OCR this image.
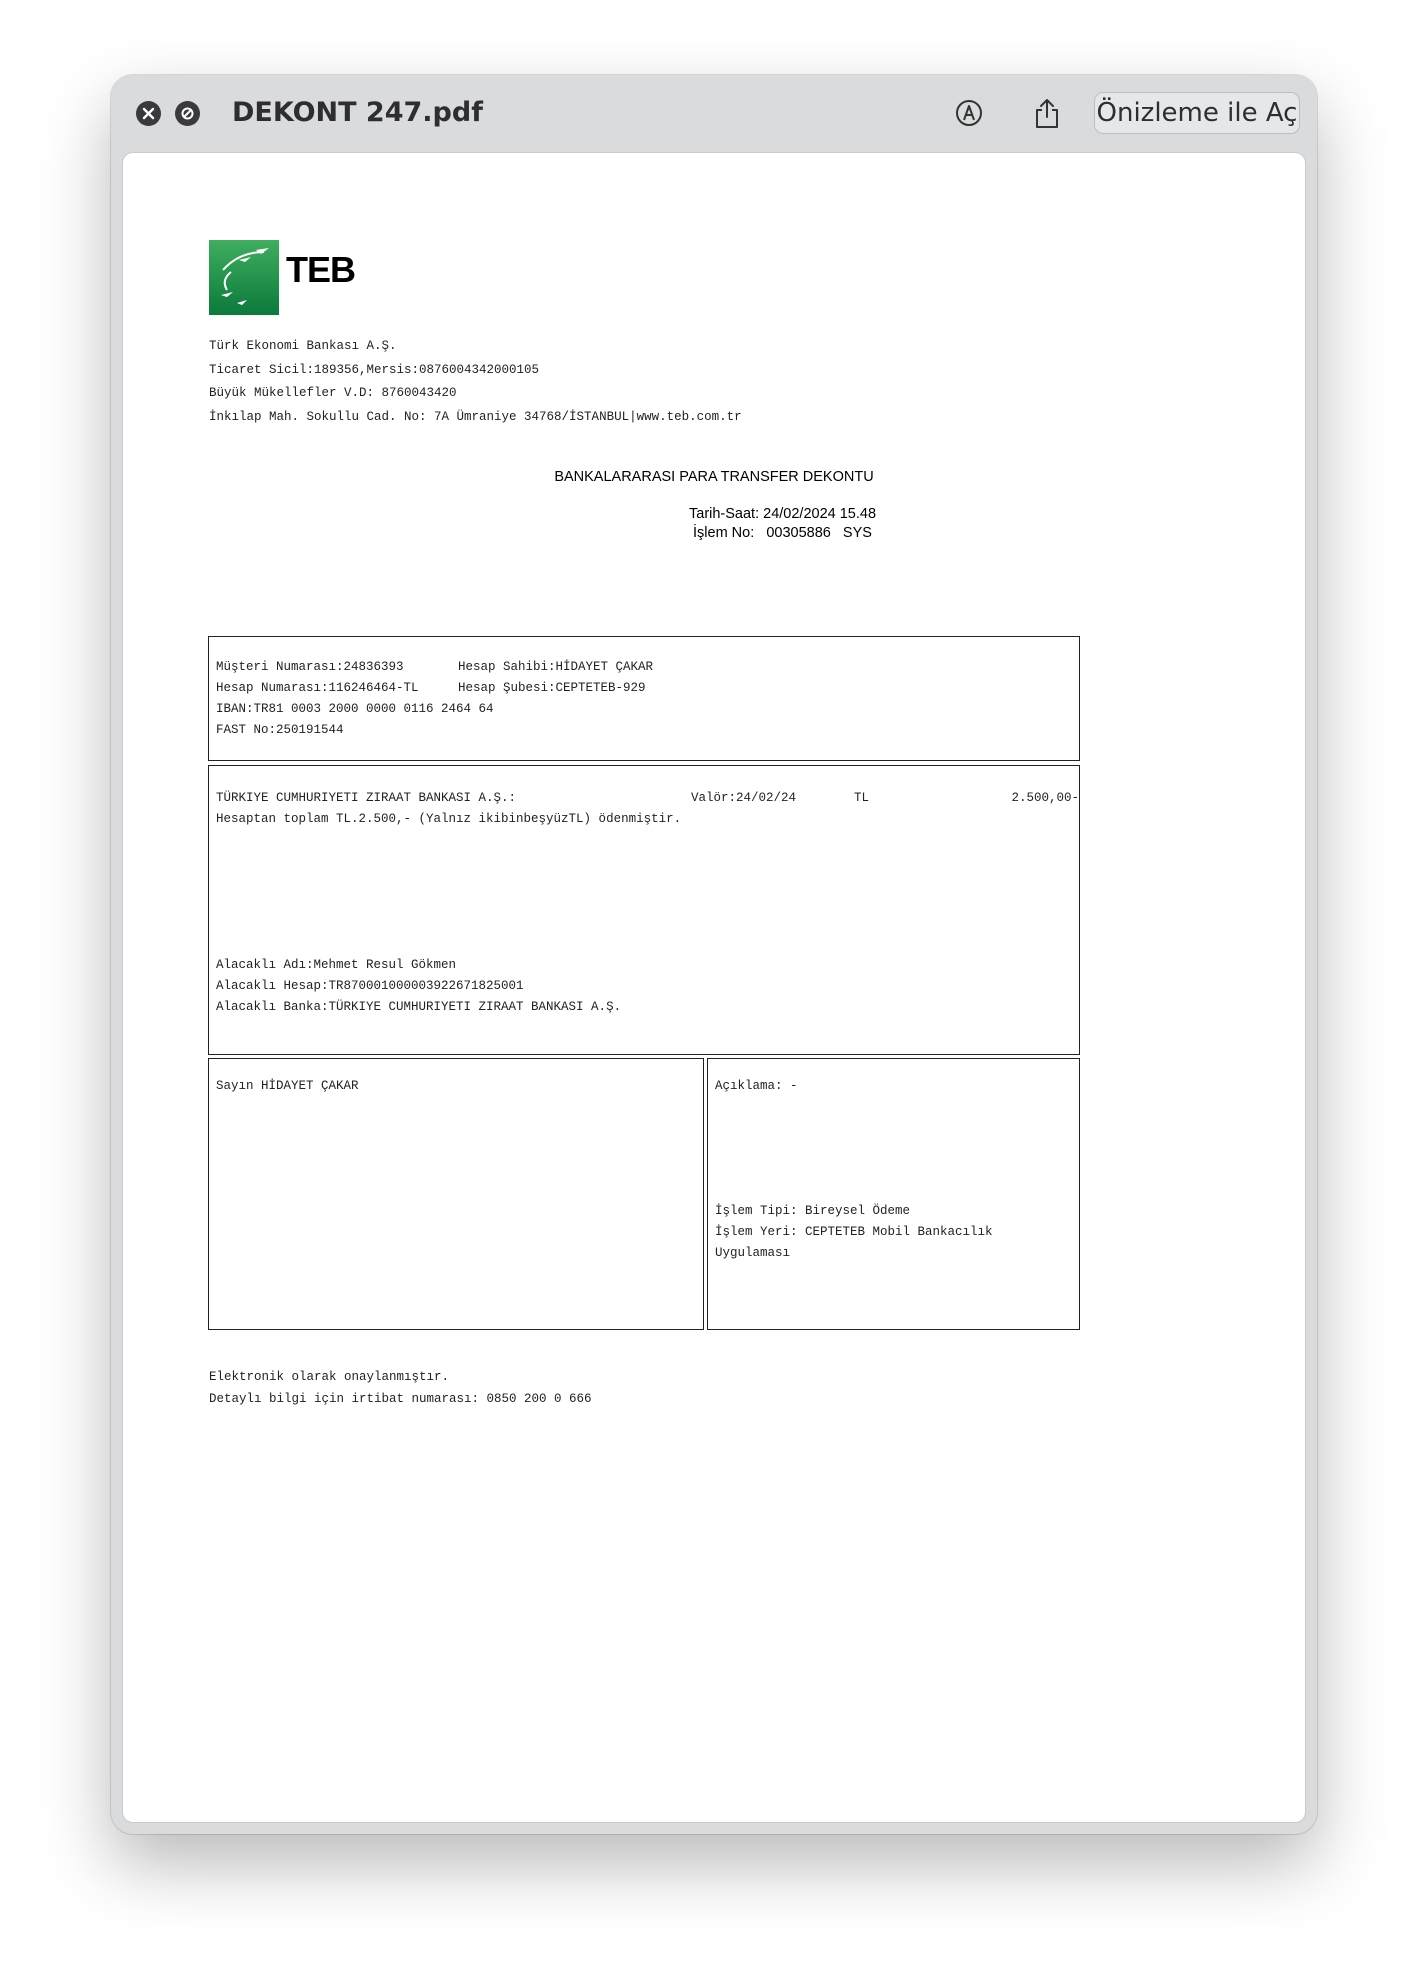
DEKONT 247.pdf	Önizleme ile Aç
TEB
Türk Ekonomi Bankası A.Ş.
Ticaret Sicil:189356,Mersis:0876004342000105
Büyük Mükellefler V.D: 8760043420
İnkılap Mah. Sokullu Cad. No: 7A Ümraniye 34768/İSTANBUL|www.teb.com.tr
BANKALARARASI PARA TRANSFER DEKONTU
Tarih-Saat: 24/02/2024 15.48
İşlem No:   00305886   SYS
Müşteri Numarası:24836393	Hesap Sahibi:HİDAYET ÇAKAR
Hesap Numarası:116246464-TL	Hesap Şubesi:CEPTETEB-929
IBAN:TR81 0003 2000 0000 0116 2464 64
FAST No:250191544
TÜRKIYE CUMHURIYETI ZIRAAT BANKASI A.Ş.:	Valör:24/02/24	TL	2.500,00-
Hesaptan toplam TL.2.500,- (Yalnız ikibinbeşyüzTL) ödenmiştir.
Alacaklı Adı:Mehmet Resul Gökmen
Alacaklı Hesap:TR870001000003922671825001
Alacaklı Banka:TÜRKIYE CUMHURIYETI ZIRAAT BANKASI A.Ş.
Sayın HİDAYET ÇAKAR	Açıklama: -
İşlem Tipi: Bireysel Ödeme
İşlem Yeri: CEPTETEB Mobil Bankacılık
Uygulaması
Elektronik olarak onaylanmıştır.
Detaylı bilgi için irtibat numarası: 0850 200 0 666
